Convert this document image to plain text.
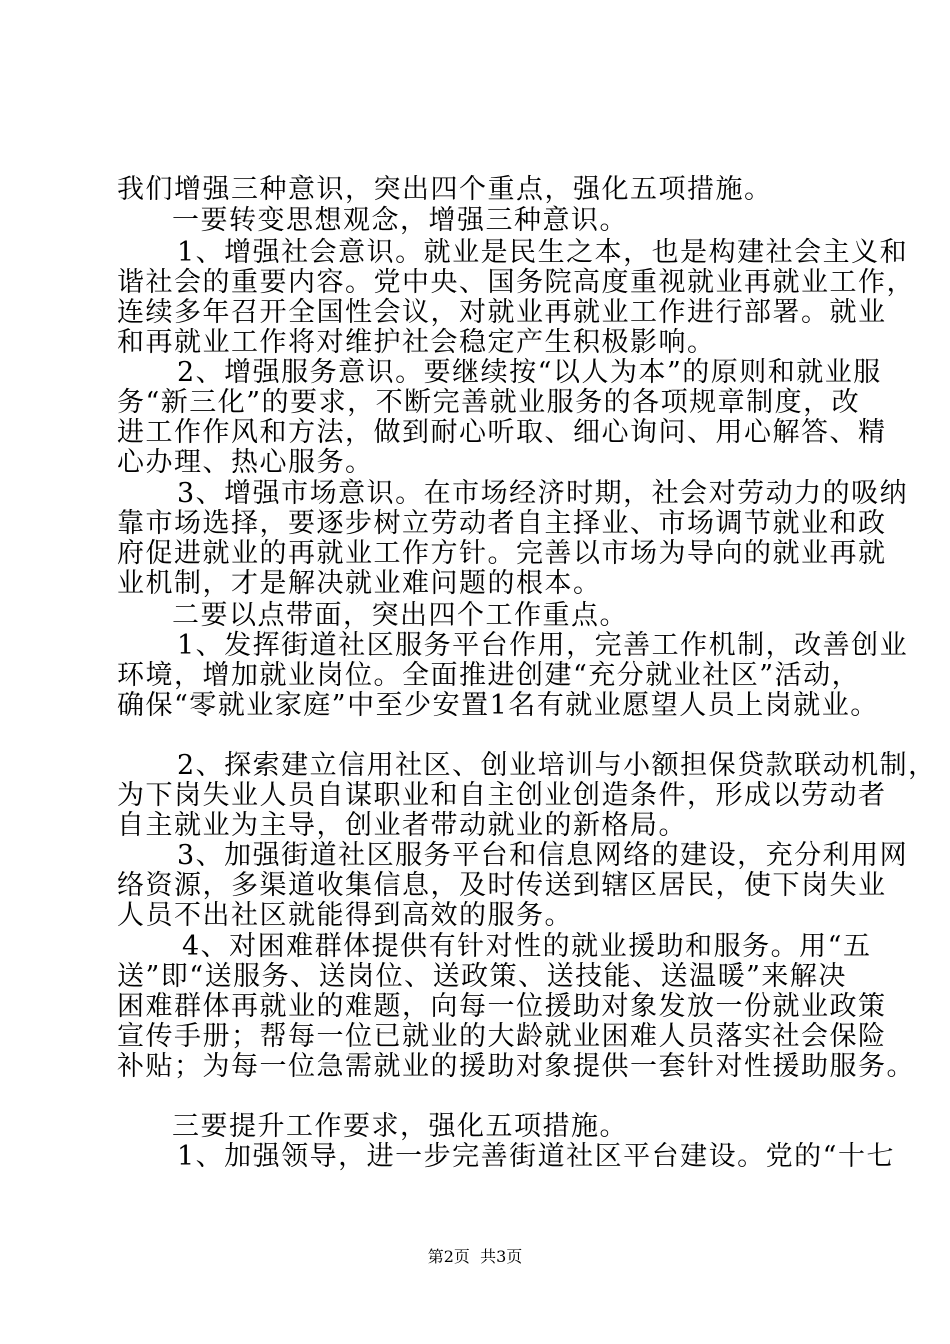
我们增强三种意识，突出四个重点，强化五项措施。
一要转变思想观念，增强三种意识。
1、增强社会意识。就业是民生之本，也是构建社会主义和
谐社会的重要内容。党中央、国务院高度重视就业再就业工作，
连续多年召开全国性会议，对就业再就业工作进行部署。就业
和再就业工作将对维护社会稳定产生积极影响。
2、增强服务意识。要继续按“以人为本”的原则和就业服
务“新三化”的要求，不断完善就业服务的各项规章制度，改
进工作作风和方法，做到耐心听取、细心询问、用心解答、精
心办理、热心服务。
3、增强市场意识。在市场经济时期，社会对劳动力的吸纳
靠市场选择，要逐步树立劳动者自主择业、市场调节就业和政
府促进就业的再就业工作方针。完善以市场为导向的就业再就
业机制，才是解决就业难问题的根本。
二要以点带面，突出四个工作重点。
1、发挥街道社区服务平台作用，完善工作机制，改善创业
环境，增加就业岗位。全面推进创建“充分就业社区”活动，
确保“零就业家庭”中至少安置1名有就业愿望人员上岗就业。
2、探索建立信用社区、创业培训与小额担保贷款联动机制，
为下岗失业人员自谋职业和自主创业创造条件，形成以劳动者
自主就业为主导，创业者带动就业的新格局。
3、加强街道社区服务平台和信息网络的建设，充分利用网
络资源，多渠道收集信息，及时传送到辖区居民，使下岗失业
人员不出社区就能得到高效的服务。
4、对困难群体提供有针对性的就业援助和服务。用“五
送”即“送服务、送岗位、送政策、送技能、送温暖”来解决
困难群体再就业的难题，向每一位援助对象发放一份就业政策
宣传手册；帮每一位已就业的大龄就业困难人员落实社会保险
补贴；为每一位急需就业的援助对象提供一套针对性援助服务。
三要提升工作要求，强化五项措施。
1、加强领导，进一步完善街道社区平台建设。党的“十七
第2页  共3页
